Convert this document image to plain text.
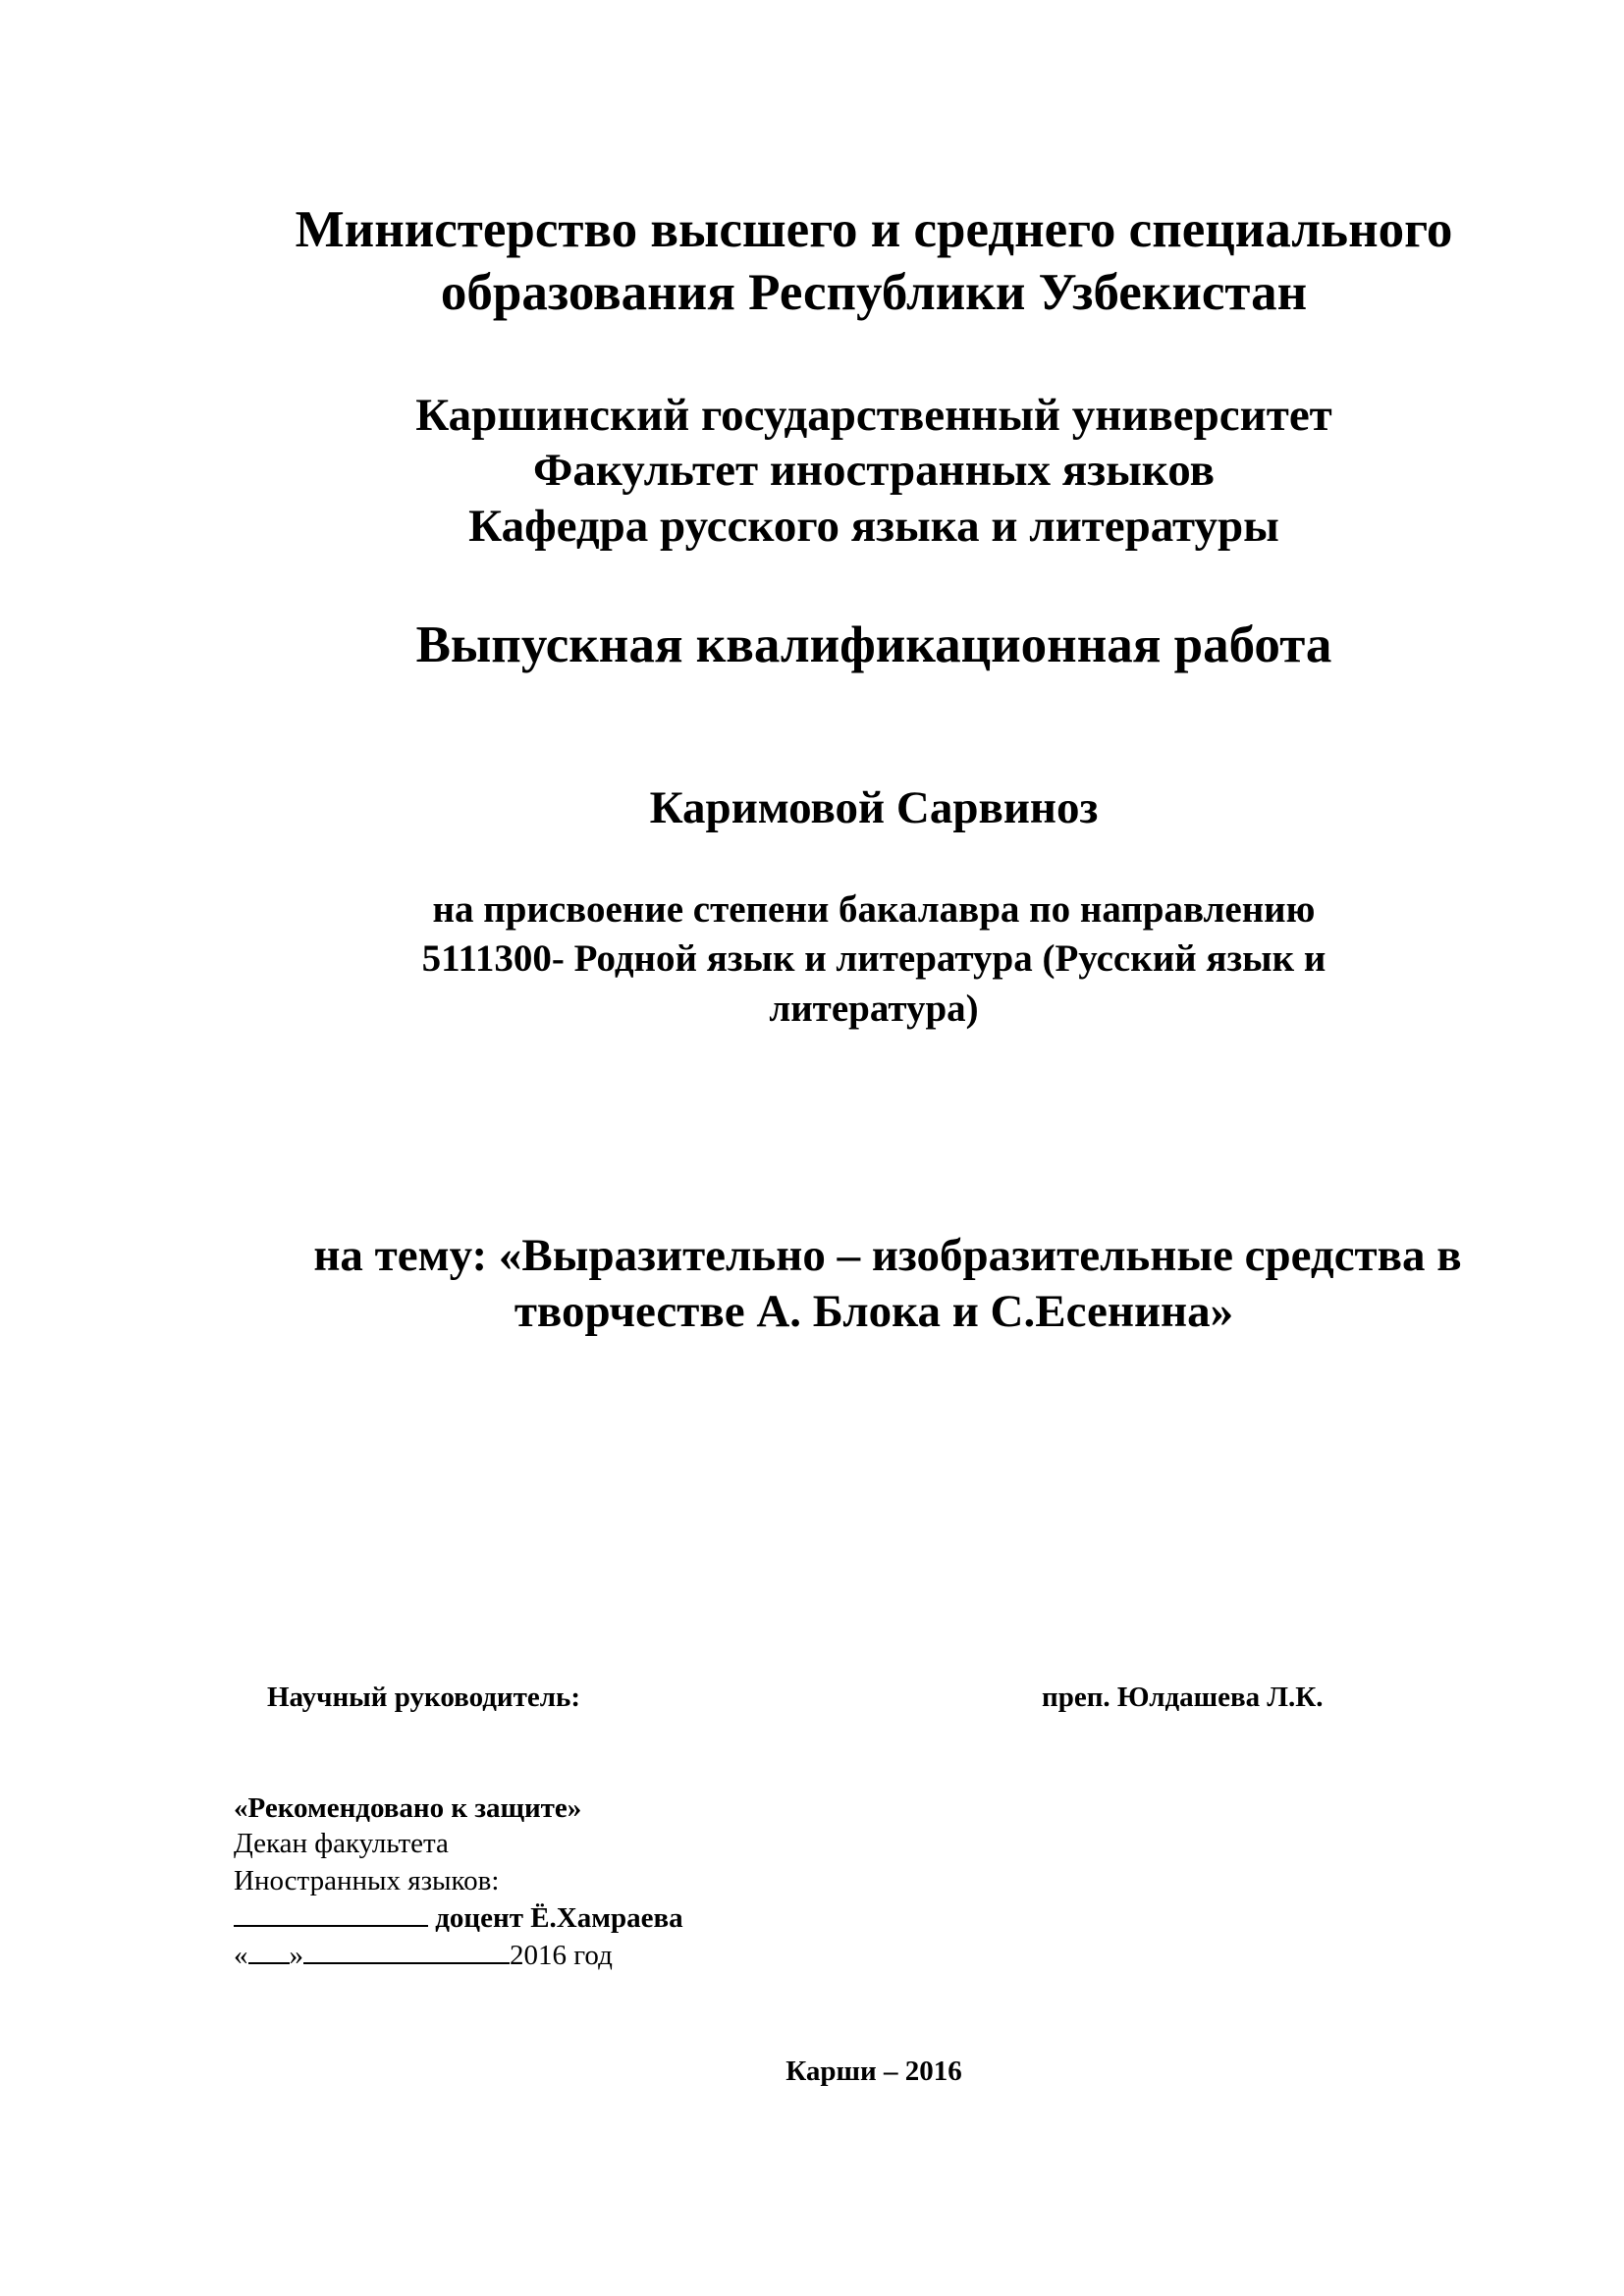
Министерство высшего и среднего специального
образования Республики Узбекистан
Каршинский государственный университет
Факультет иностранных языков
Кафедра русского языка и литературы
Выпускная квалификационная работа
Каримовой Сарвиноз
на присвоение степени бакалавра по направлению
5111300- Родной язык и литература (Русский язык и
литература)
на тему: «Выразительно – изобразительные средства в
творчестве А. Блока и С.Есенина»
Научный руководитель:	преп. Юлдашева Л.К.
«Рекомендовано к защите»
Декан факультета
Иностранных языков:
доцент Ё.Хамраева
« »	2016 год
Карши – 2016
